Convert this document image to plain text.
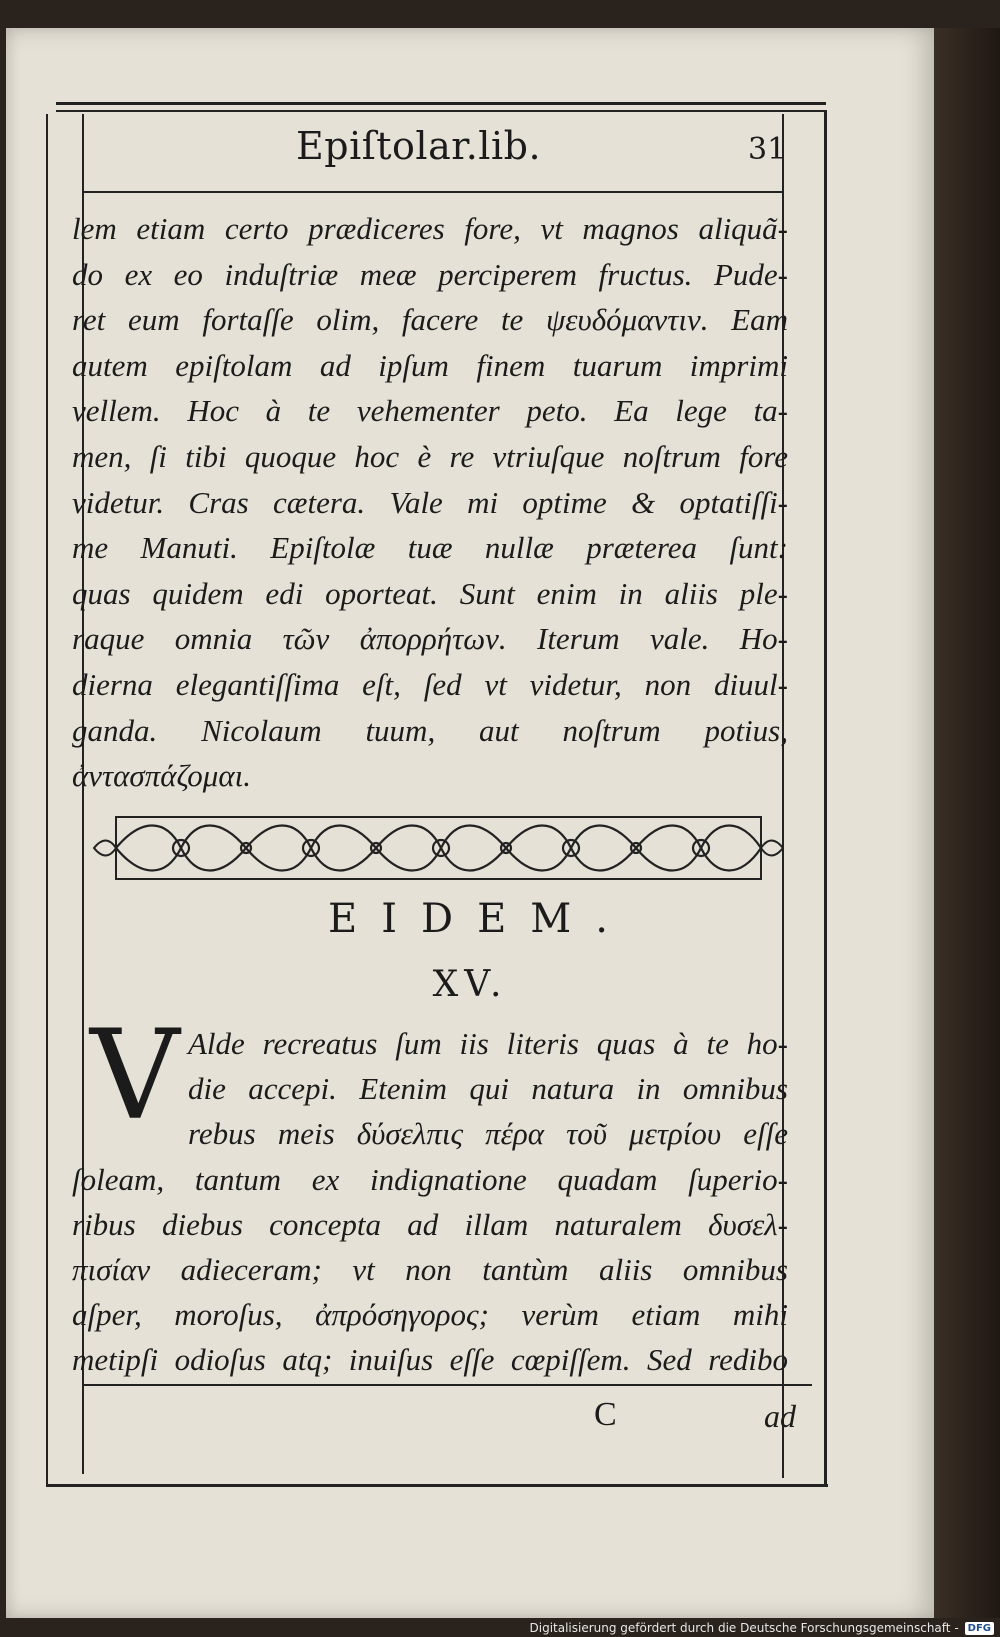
Epiſtolar.lib.	31
lem etiam certo prædiceres fore, vt magnos aliquã-
do ex eo induſtriæ meæ perciperem fructus. Pude-
ret eum fortaſſe olim, facere te ψευδόμαντιν. Eam
autem epiſtolam ad ipſum finem tuarum imprimi
vellem. Hoc à te vehementer peto. Ea lege ta-
men, ſi tibi quoque hoc è re vtriuſque noſtrum fore
videtur. Cras cætera. Vale mi optime & optatiſſi-
me Manuti. Epiſtolæ tuæ nullæ præterea ſunt:
quas quidem edi oporteat. Sunt enim in aliis ple-
raque omnia τῶν ἀπορρήτων. Iterum vale. Ho-
dierna elegantiſſima eſt, ſed vt videtur, non diuul-
ganda. Nicolaum tuum, aut noſtrum potius,
ἀντασπάζομαι.
EIDEM.
XV.
V Alde recreatus ſum iis literis quas à te ho-
die accepi. Etenim qui natura in omnibus
rebus meis δύσελπις πέρα τοῦ μετρίου eſſe
ſoleam, tantum ex indignatione quadam ſuperio-
ribus diebus concepta ad illam naturalem δυσελ-
πισίαν adieceram; vt non tantùm aliis omnibus
aſper, moroſus, ἀπρόσηγορος; verùm etiam mihi
metipſi odioſus atq; inuiſus eſſe cœpiſſem. Sed redibo
C	ad
Digitalisierung gefördert durch die Deutsche Forschungsgemeinschaft - DFG
